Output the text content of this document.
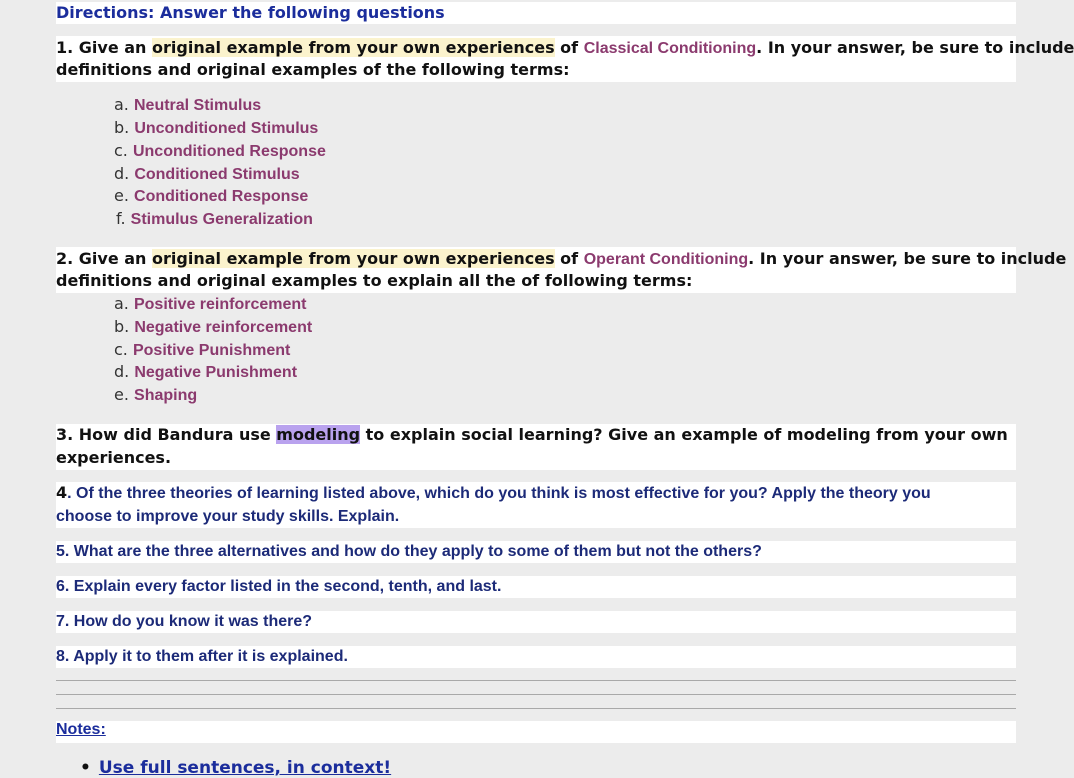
Directions: Answer the following questions
1. Give an original example from your own experiences of Classical Conditioning. In your answer, be sure to include
definitions and original examples of the following terms:
a. Neutral Stimulus
b. Unconditioned Stimulus
c. Unconditioned Response
d. Conditioned Stimulus
e. Conditioned Response
f. Stimulus Generalization
2. Give an original example from your own experiences of Operant Conditioning. In your answer, be sure to include
definitions and original examples to explain all the of following terms:
a. Positive reinforcement
b. Negative reinforcement
c. Positive Punishment
d. Negative Punishment
e. Shaping
3. How did Bandura use modeling to explain social learning? Give an example of modeling from your own
experiences.
4. Of the three theories of learning listed above, which do you think is most effective for you? Apply the theory you
choose to improve your study skills. Explain.
5. What are the three alternatives and how do they apply to some of them but not the others?
6. Explain every factor listed in the second, tenth, and last.
7. How do you know it was there?
8. Apply it to them after it is explained.
Notes:
• Use full sentences, in context!
